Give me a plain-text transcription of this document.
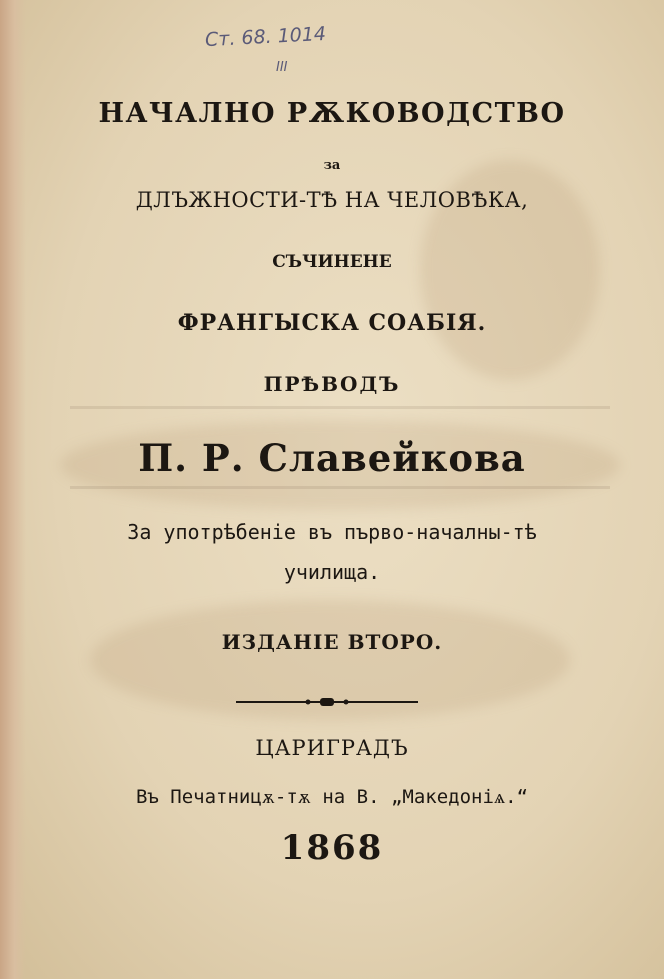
Ст. 68. 1014
III
НАЧАЛНО РѪКОВОДСТВО
за
ДЛЪЖНОСТИ-ТѢ НА ЧЕЛОВѢКА,
СЪЧИНЕНЕ
ФРАНГЫСКА СОАБІЯ.
ПРѢВОДЪ
П. Р. Славейкова
За употрѣбеніе въ първо-началны-тѣ
училища.
ИЗДАНІЕ ВТОРО.
ЦАРИГРАДЪ
Въ Печатницѫ-тѫ на В. „Македоніѧ.“
1868
